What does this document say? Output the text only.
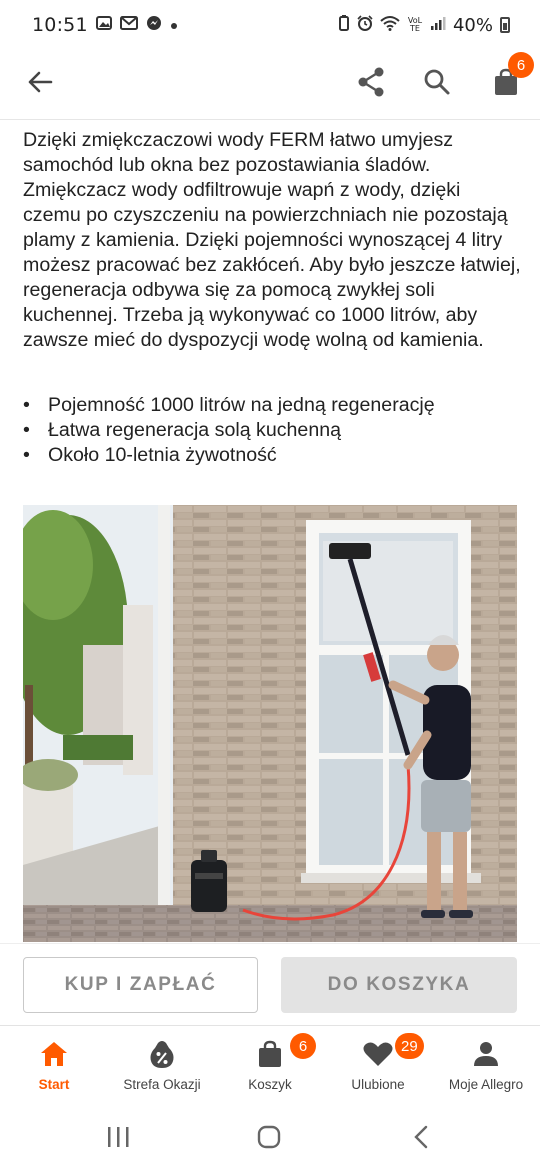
10:51	VoLTE 40%
6

Dzięki zmiękczaczowi wody FERM łatwo umyjesz samochód lub okna bez pozostawiania śladów. Zmiękczacz wody odfiltrowuje wapń z wody, dzięki czemu po czyszczeniu na powierzchniach nie pozostają plamy z kamienia. Dzięki pojemności wynoszącej 4 litry możesz pracować bez zakłóceń. Aby było jeszcze łatwiej, regeneracja odbywa się za pomocą zwykłej soli kuchennej. Trzeba ją wykonywać co 1000 litrów, aby zawsze mieć do dyspozycji wodę wolną od kamienia.

• Pojemność 1000 litrów na jedną regenerację
• Łatwa regeneracja solą kuchenną
• Około 10-letnia żywotność
KUP I ZAPŁAĆ	DO KOSZYKA
Start	Strefa Okazji	Koszyk	Ulubione	Moje Allegro
6	29
